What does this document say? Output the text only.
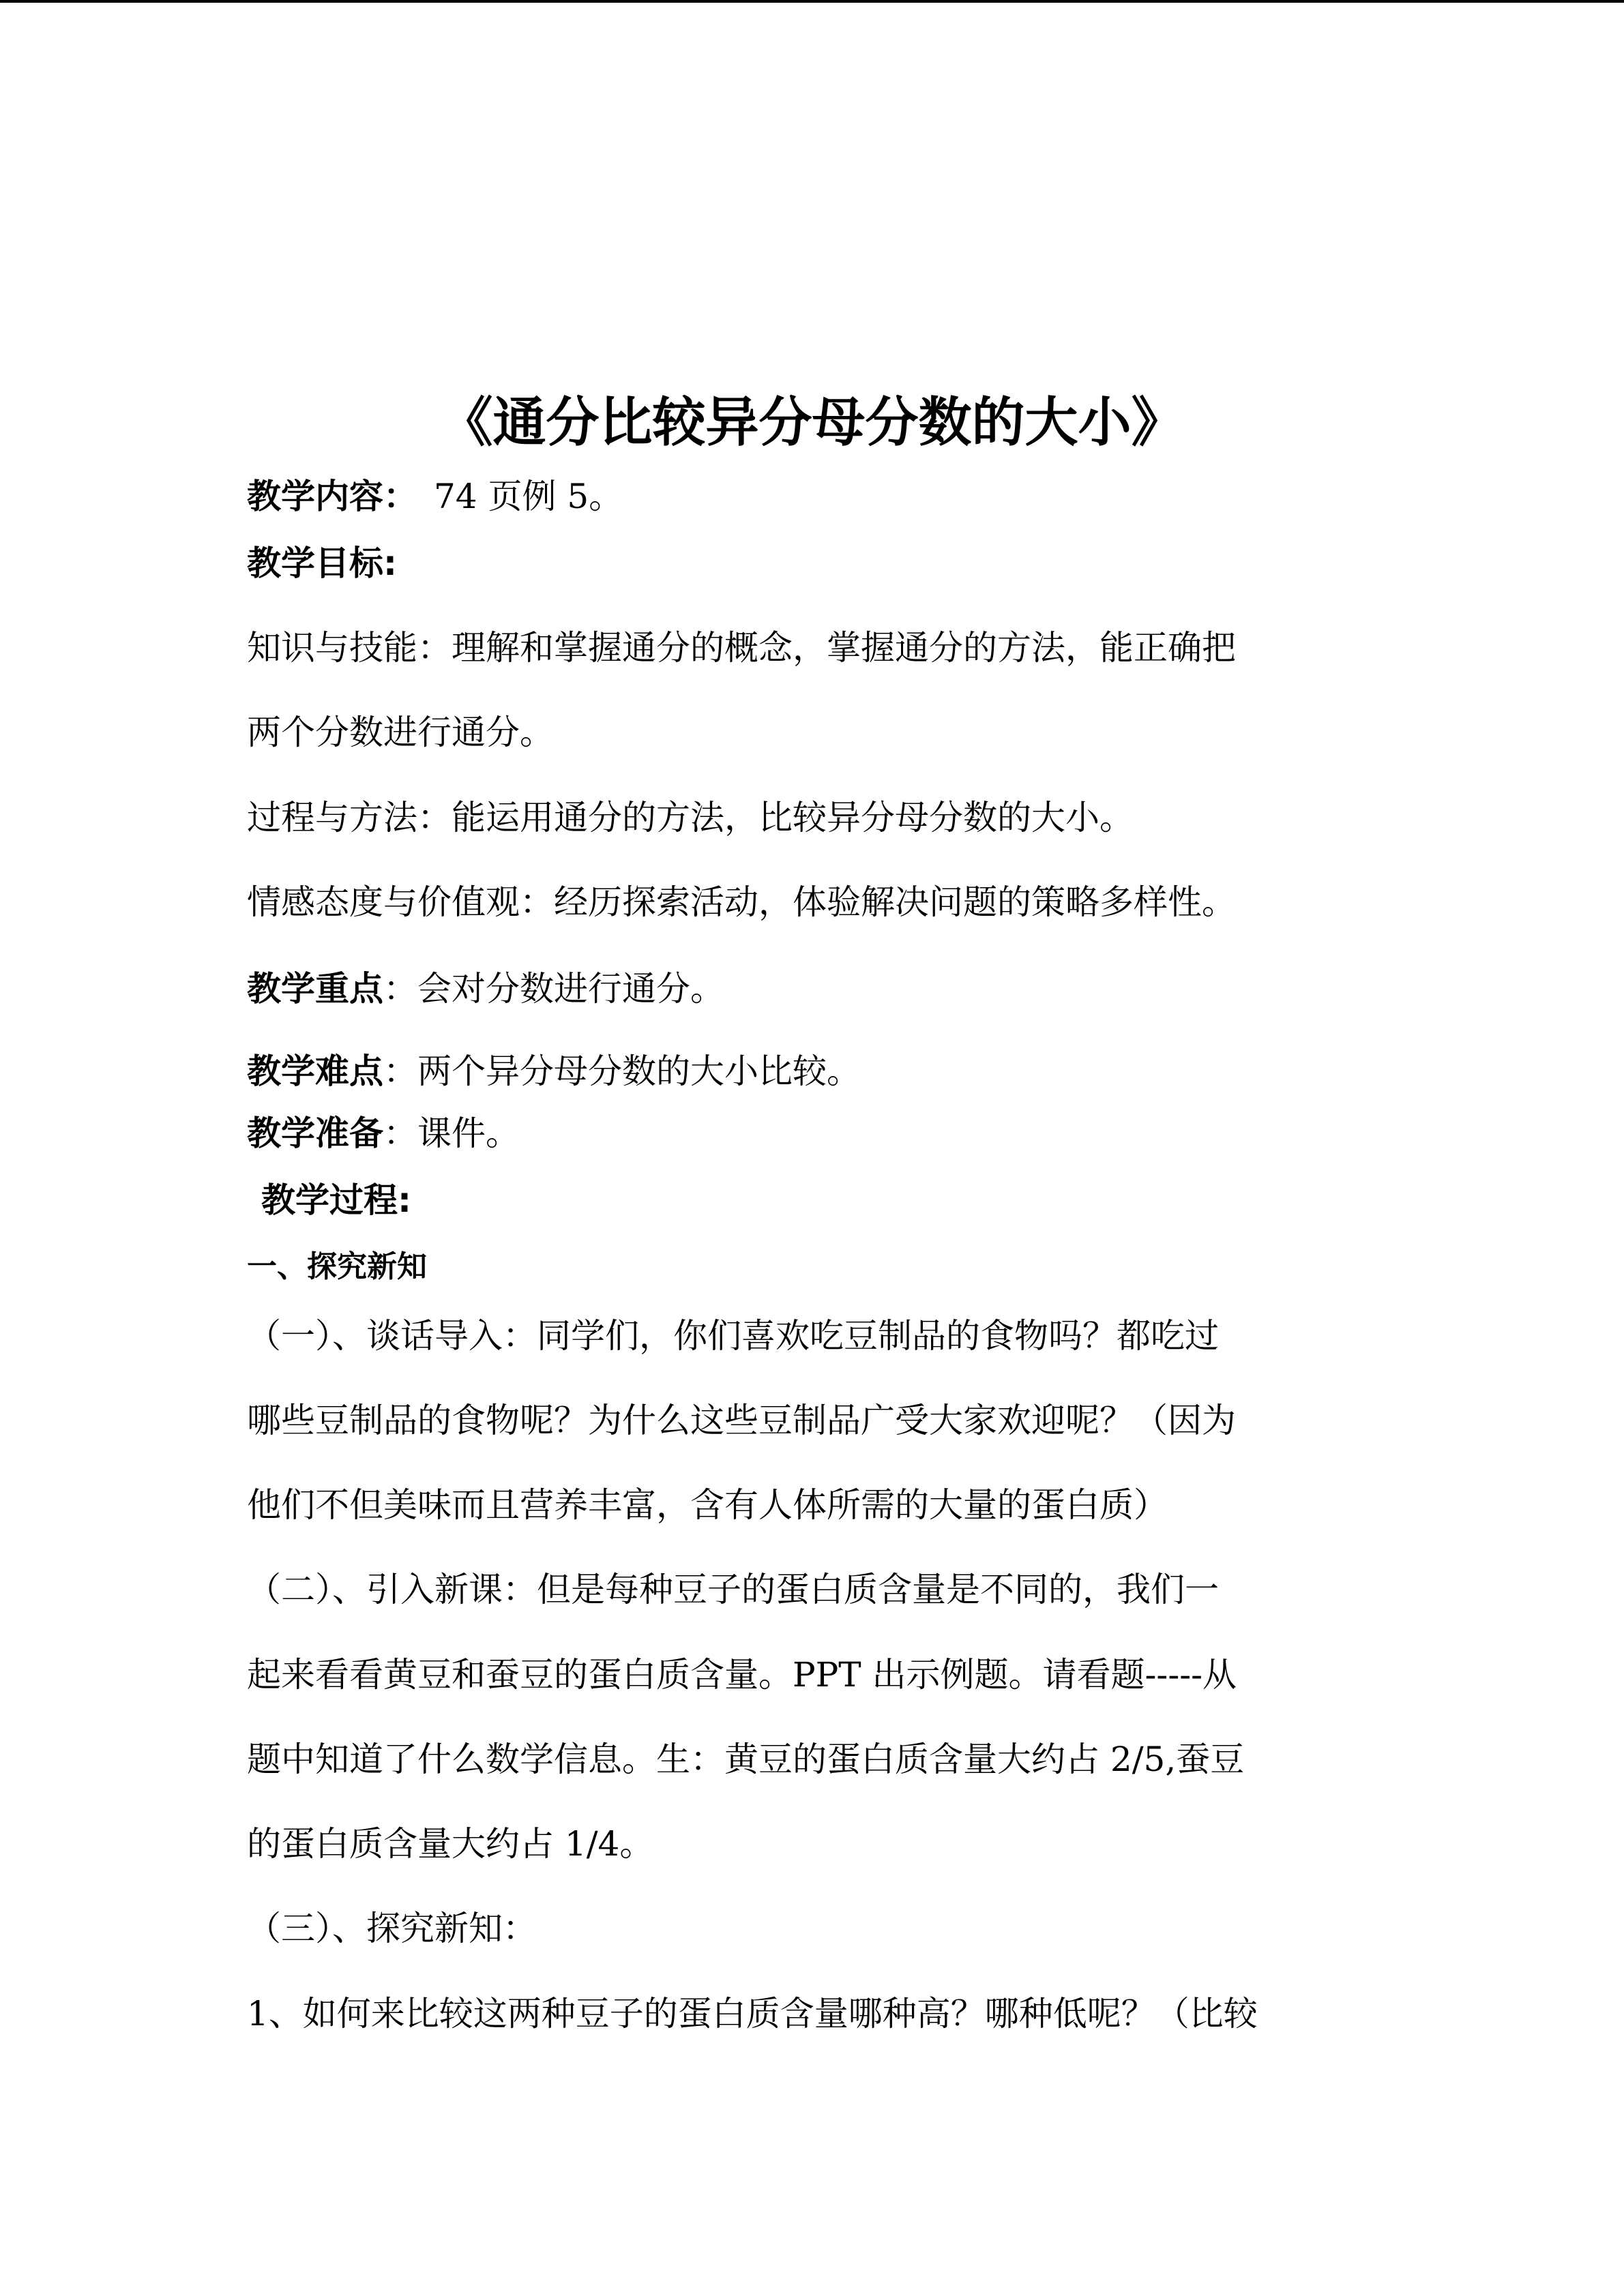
《通分比较异分母分数的大小》
教学内容： 74 页例 5。
教学目标:
知识与技能：理解和掌握通分的概念，掌握通分的方法，能正确把
两个分数进行通分。
过程与方法：能运用通分的方法，比较异分母分数的大小。
情感态度与价值观：经历探索活动，体验解决问题的策略多样性。
教学重点：会对分数进行通分。
教学难点：两个异分母分数的大小比较。
教学准备：课件。
教学过程:
一、探究新知
（一）、谈话导入：同学们，你们喜欢吃豆制品的食物吗？都吃过
哪些豆制品的食物呢？为什么这些豆制品广受大家欢迎呢？（因为
他们不但美味而且营养丰富，含有人体所需的大量的蛋白质）
（二）、引入新课：但是每种豆子的蛋白质含量是不同的，我们一
起来看看黄豆和蚕豆的蛋白质含量。PPT 出示例题。请看题-----从
题中知道了什么数学信息。生：黄豆的蛋白质含量大约占 2/5,蚕豆
的蛋白质含量大约占 1/4。
（三）、探究新知：
1、如何来比较这两种豆子的蛋白质含量哪种高？哪种低呢？（比较
